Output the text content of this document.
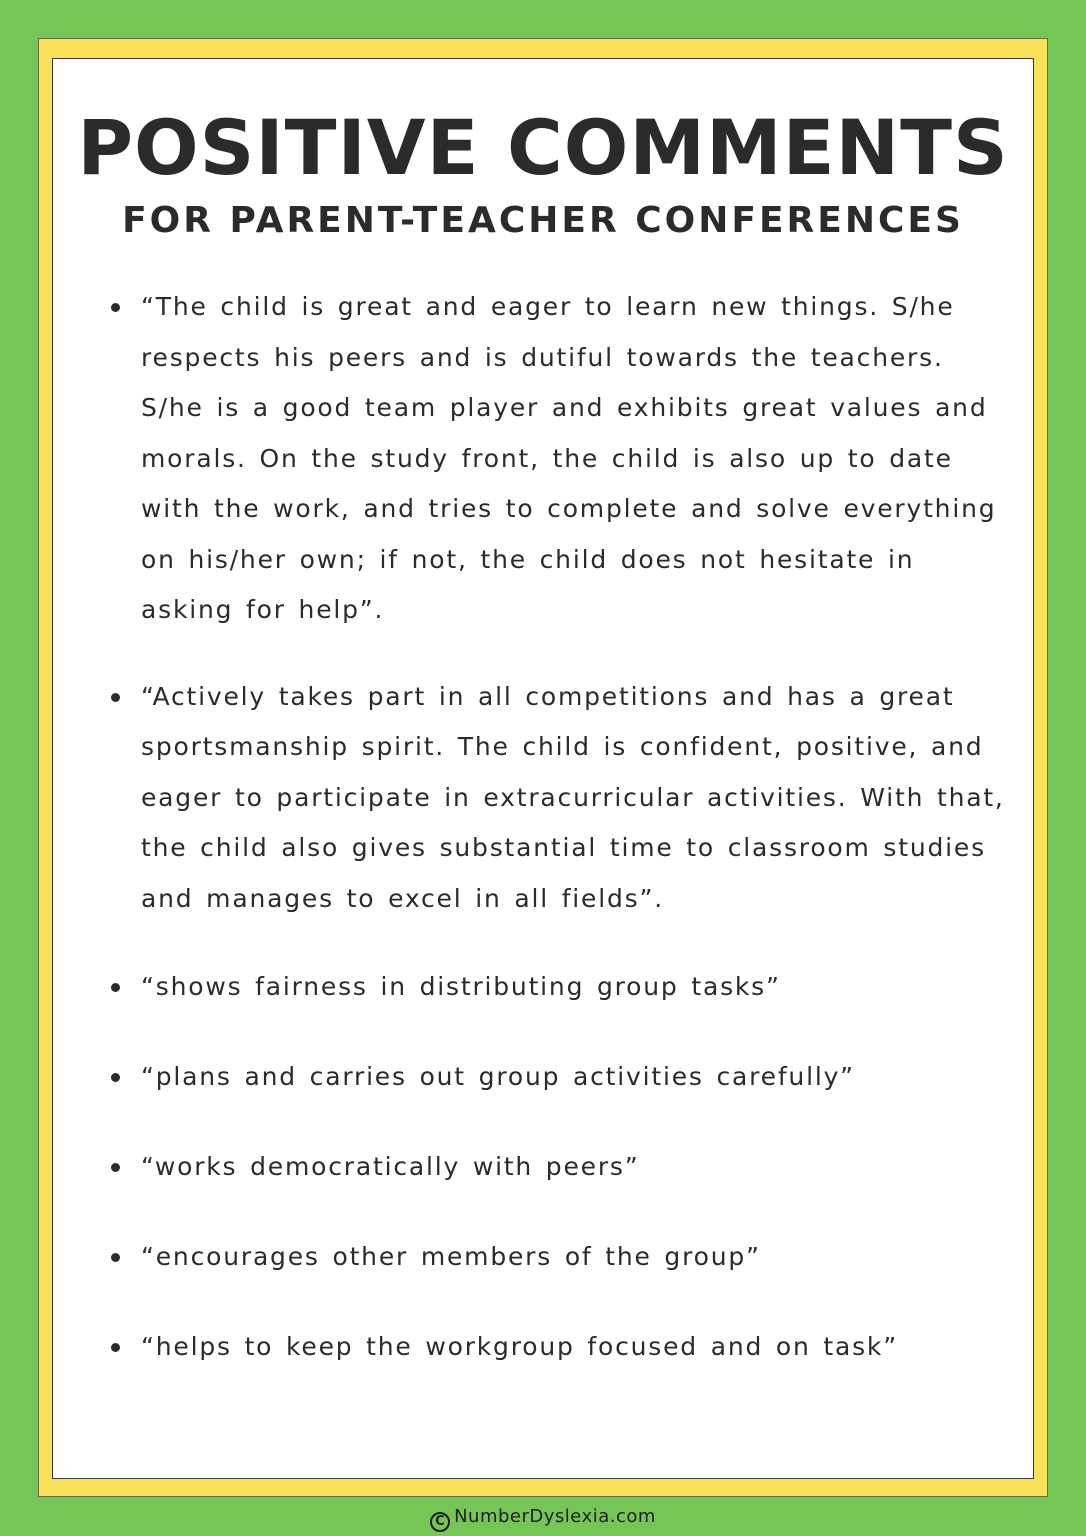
POSITIVE COMMENTS
FOR PARENT-TEACHER CONFERENCES
“The child is great and eager to learn new things. S/he respects his peers and is dutiful towards the teachers. S/he is a good team player and exhibits great values and morals. On the study front, the child is also up to date with the work, and tries to complete and solve everything on his/her own; if not, the child does not hesitate in asking for help”.
“Actively takes part in all competitions and has a great sportsmanship spirit. The child is confident, positive, and eager to participate in extracurricular activities. With that, the child also gives substantial time to classroom studies and manages to excel in all fields”.
“shows fairness in distributing group tasks”
“plans and carries out group activities carefully”
“works democratically with peers”
“encourages other members of the group”
“helps to keep the workgroup focused and on task”
C NumberDyslexia.com
